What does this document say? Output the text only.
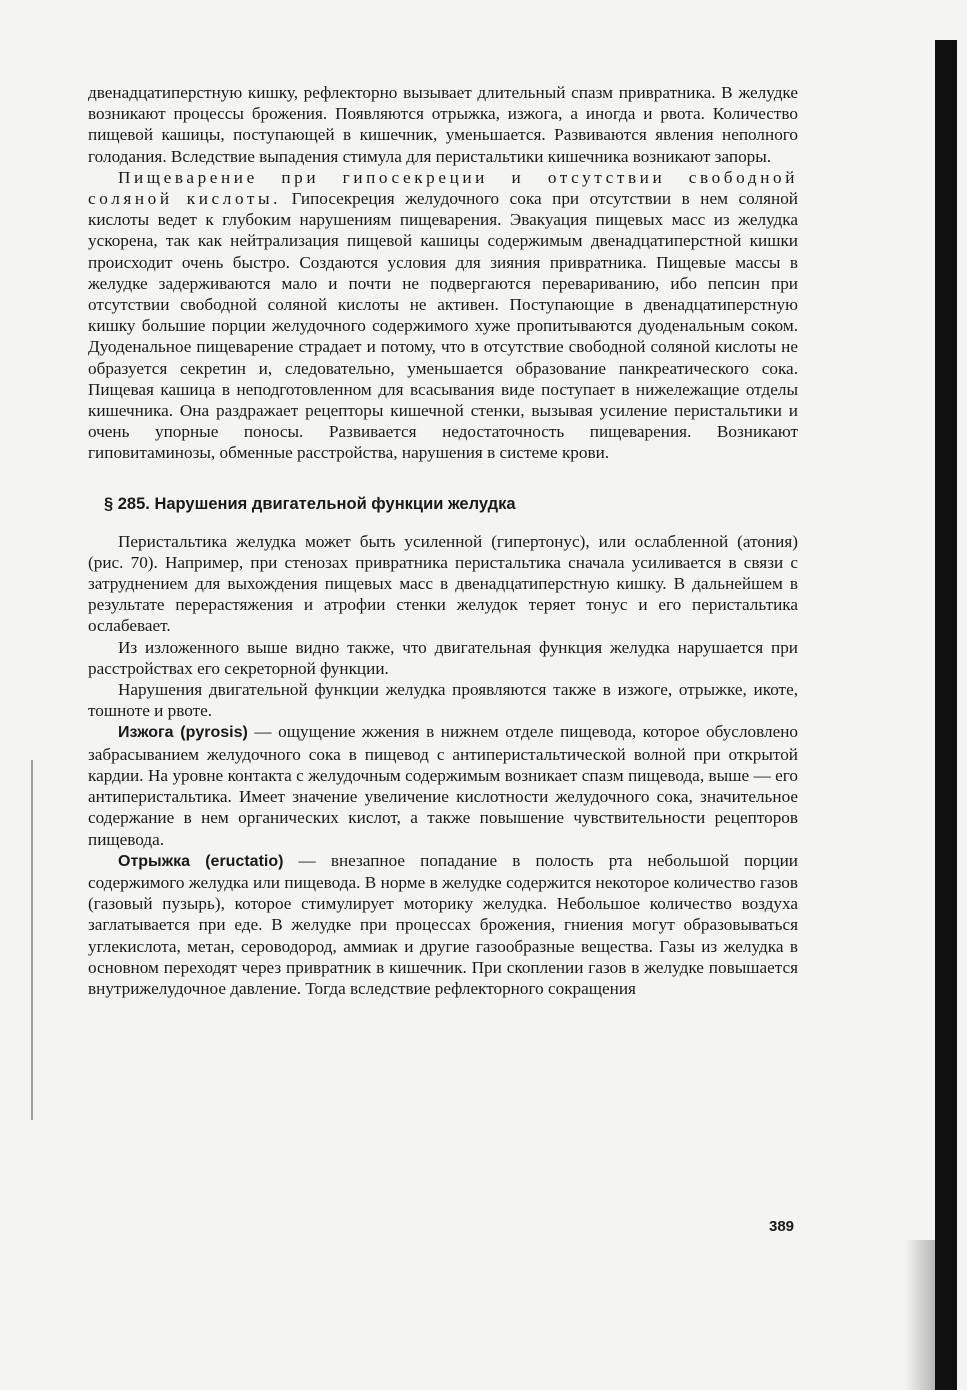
двенадцатиперстную кишку, рефлекторно вызывает длительный спазм привратника. В желудке возникают процессы брожения. Появляются отрыжка, изжога, а иногда и рвота. Количество пищевой кашицы, поступающей в кишечник, уменьшается. Развиваются явления неполного голодания. Вследствие выпадения стимула для перистальтики кишечника возникают запоры.

Пищеварение при гипосекреции и отсутствии свободной соляной кислоты. Гипосекреция желудочного сока при отсутствии в нем соляной кислоты ведет к глубоким нарушениям пищеварения. Эвакуация пищевых масс из желудка ускорена, так как нейтрализация пищевой кашицы содержимым двенадцатиперстной кишки происходит очень быстро. Создаются условия для зияния привратника. Пищевые массы в желудке задерживаются мало и почти не подвергаются перевариванию, ибо пепсин при отсутствии свободной соляной кислоты не активен. Поступающие в двенадцатиперстную кишку большие порции желудочного содержимого хуже пропитываются дуоденальным соком. Дуоденальное пищеварение страдает и потому, что в отсутствие свободной соляной кислоты не образуется секретин и, следовательно, уменьшается образование панкреатического сока. Пищевая кашица в неподготовленном для всасывания виде поступает в нижележащие отделы кишечника. Она раздражает рецепторы кишечной стенки, вызывая усиление перистальтики и очень упорные поносы. Развивается недостаточность пищеварения. Возникают гиповитаминозы, обменные расстройства, нарушения в системе крови.

§ 285. Нарушения двигательной функции желудка

Перистальтика желудка может быть усиленной (гипертонус), или ослабленной (атония) (рис. 70). Например, при стенозах привратника перистальтика сначала усиливается в связи с затруднением для выхождения пищевых масс в двенадцатиперстную кишку. В дальнейшем в результате перерастяжения и атрофии стенки желудок теряет тонус и его перистальтика ослабевает.

Из изложенного выше видно также, что двигательная функция желудка нарушается при расстройствах его секреторной функции.

Нарушения двигательной функции желудка проявляются также в изжоге, отрыжке, икоте, тошноте и рвоте.

Изжога (pyrosis) — ощущение жжения в нижнем отделе пищевода, которое обусловлено забрасыванием желудочного сока в пищевод с антиперистальтической волной при открытой кардии. На уровне контакта с желудочным содержимым возникает спазм пищевода, выше — его антиперистальтика. Имеет значение увеличение кислотности желудочного сока, значительное содержание в нем органических кислот, а также повышение чувствительности рецепторов пищевода.

Отрыжка (eructatio) — внезапное попадание в полость рта небольшой порции содержимого желудка или пищевода. В норме в желудке содержится некоторое количество газов (газовый пузырь), которое стимулирует моторику желудка. Небольшое количество воздуха заглатывается при еде. В желудке при процессах брожения, гниения могут образовываться углекислота, метан, сероводород, аммиак и другие газообразные вещества. Газы из желудка в основном переходят через привратник в кишечник. При скоплении газов в желудке повышается внутрижелудочное давление. Тогда вследствие рефлекторного сокращения

389
